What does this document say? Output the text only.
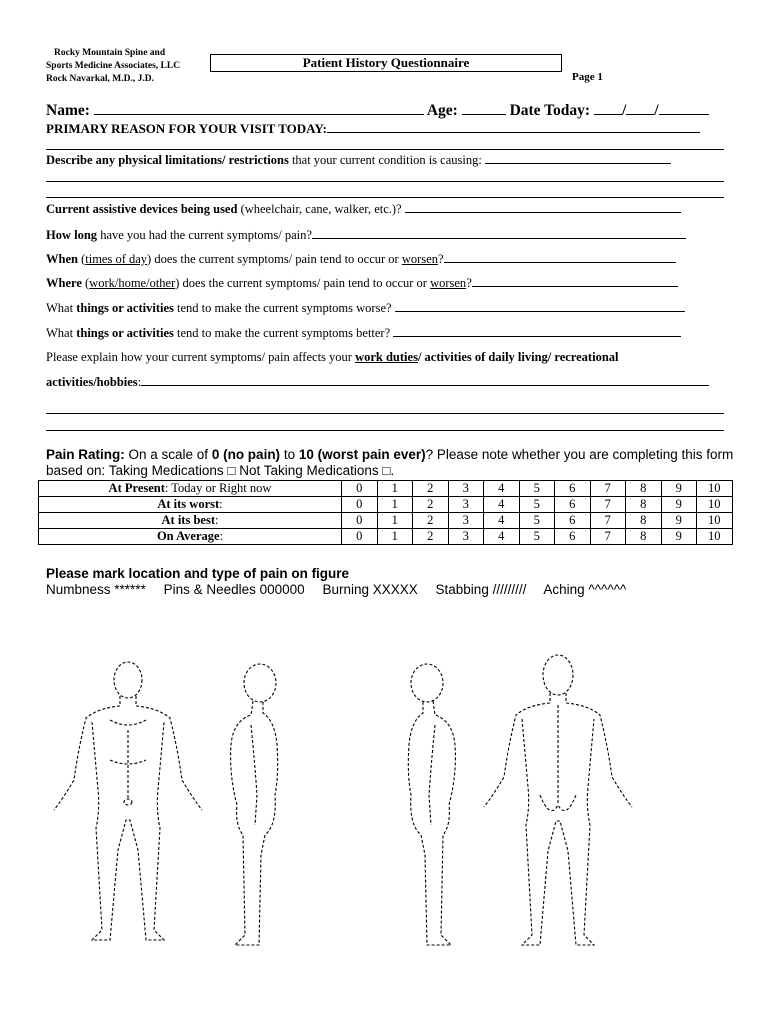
Rocky Mountain Spine and
Sports Medicine Associates, LLC
Rock Navarkal, M.D., J.D.
Patient History Questionnaire
Page 1
Name:	Age:	Date Today: / /
PRIMARY REASON FOR YOUR VISIT TODAY:
Describe any physical limitations/ restrictions that your current condition is causing:
Current assistive devices being used (wheelchair, cane, walker, etc.)?
How long have you had the current symptoms/ pain?
When (times of day) does the current symptoms/ pain tend to occur or worsen?
Where (work/home/other) does the current symptoms/ pain tend to occur or worsen?
What things or activities tend to make the current symptoms worse?
What things or activities tend to make the current symptoms better?
Please explain how your current symptoms/ pain affects your work duties/ activities of daily living/ recreational
activities/hobbies:
Pain Rating: On a scale of 0 (no pain) to 10 (worst pain ever)? Please note whether you are completing this form based on: Taking Medications □ Not Taking Medications □.
At Present: Today or Right now	0	1	2	3	4	5	6	7	8	9	10
At its worst:	0	1	2	3	4	5	6	7	8	9	10
At its best:	0	1	2	3	4	5	6	7	8	9	10
On Average:	0	1	2	3	4	5	6	7	8	9	10
Please mark location and type of pain on figure
Numbness ****** Pins & Needles 000000 Burning XXXXX Stabbing ///////// Aching ^^^^^^
